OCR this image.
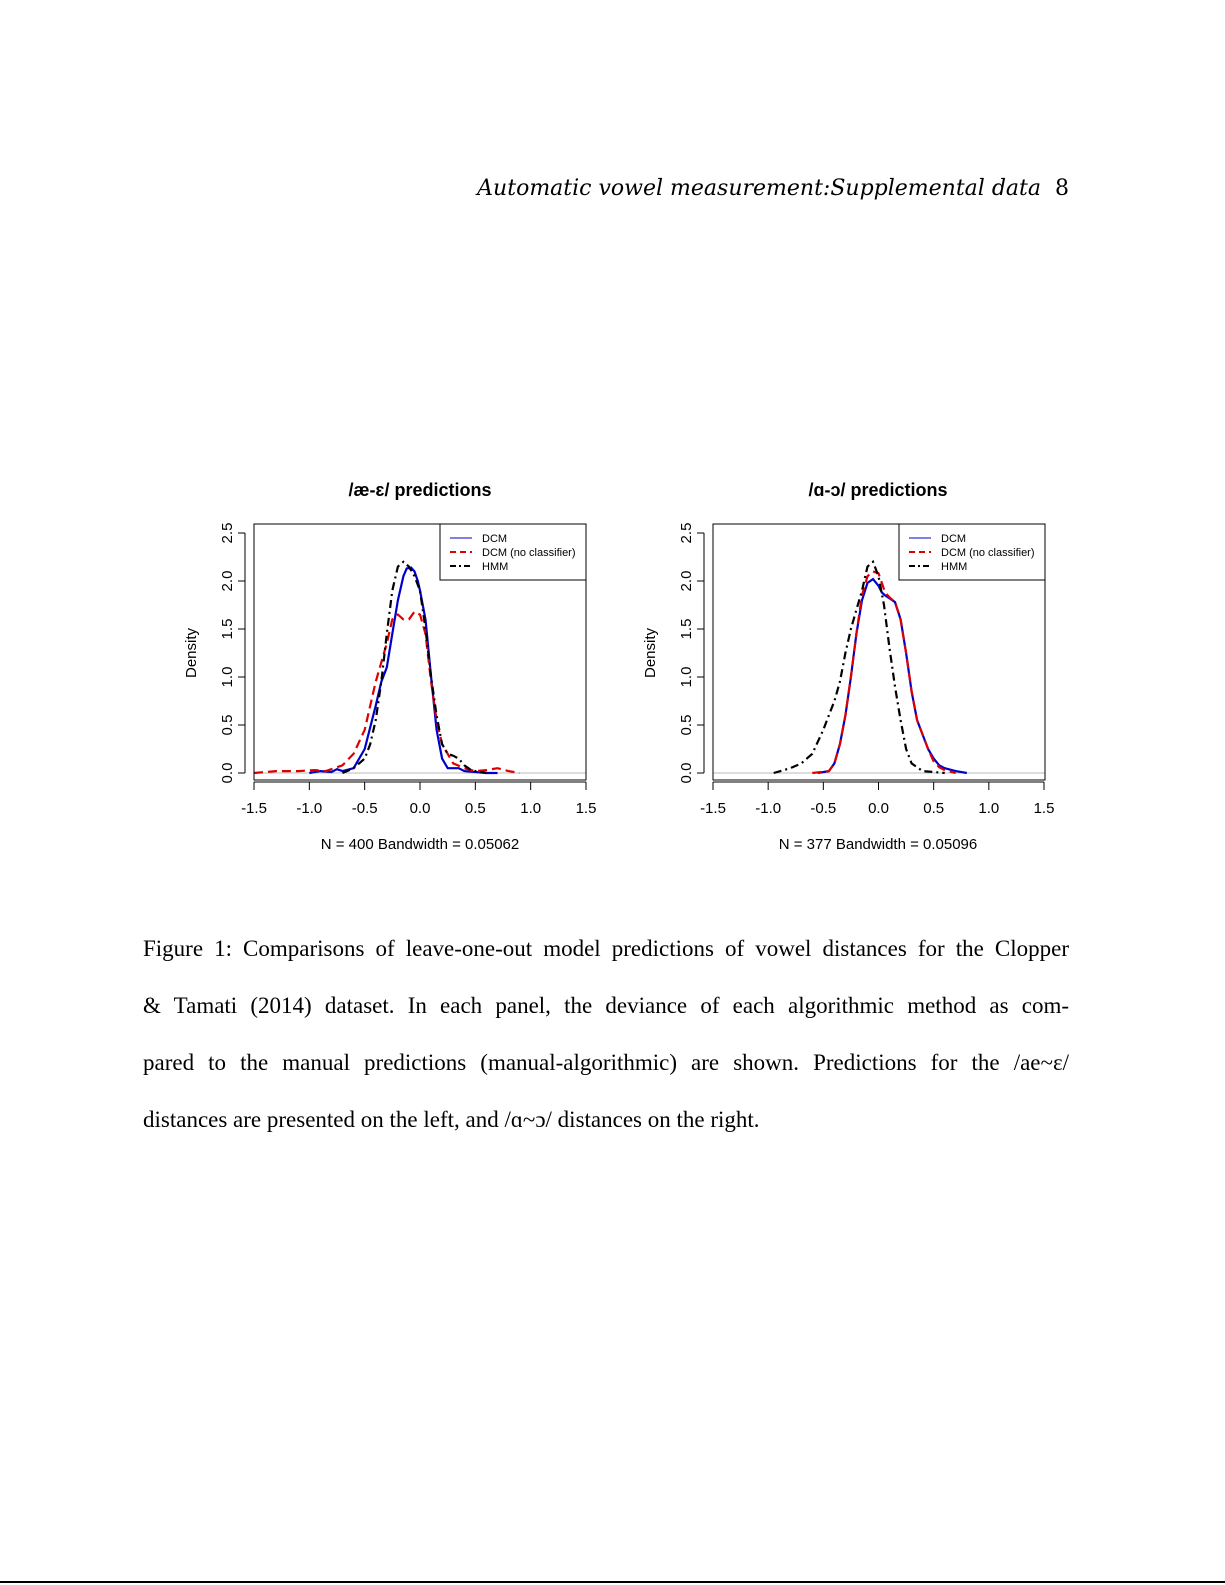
Automatic vowel measurement:Supplemental data 8
/æ-ɛ/ predictions
-1.5 -1.0 -0.5 0.0 0.5 1.0 1.5
0.0
0.5
1.0
1.5
2.0
2.5
Density
N = 400 Bandwidth = 0.05062
DCM
DCM (no classifier)
HMM
/ɑ-ɔ/ predictions
-1.5 -1.0 -0.5 0.0 0.5 1.0 1.5
0.0
0.5
1.0
1.5
2.0
2.5
Density
N = 377 Bandwidth = 0.05096
DCM
DCM (no classifier)
HMM
Figure 1: Comparisons of leave-one-out model predictions of vowel distances for the Clopper
& Tamati (2014) dataset. In each panel, the deviance of each algorithmic method as com-
pared to the manual predictions (manual-algorithmic) are shown. Predictions for the /ae~ɛ/
distances are presented on the left, and /ɑ~ɔ/ distances on the right.
